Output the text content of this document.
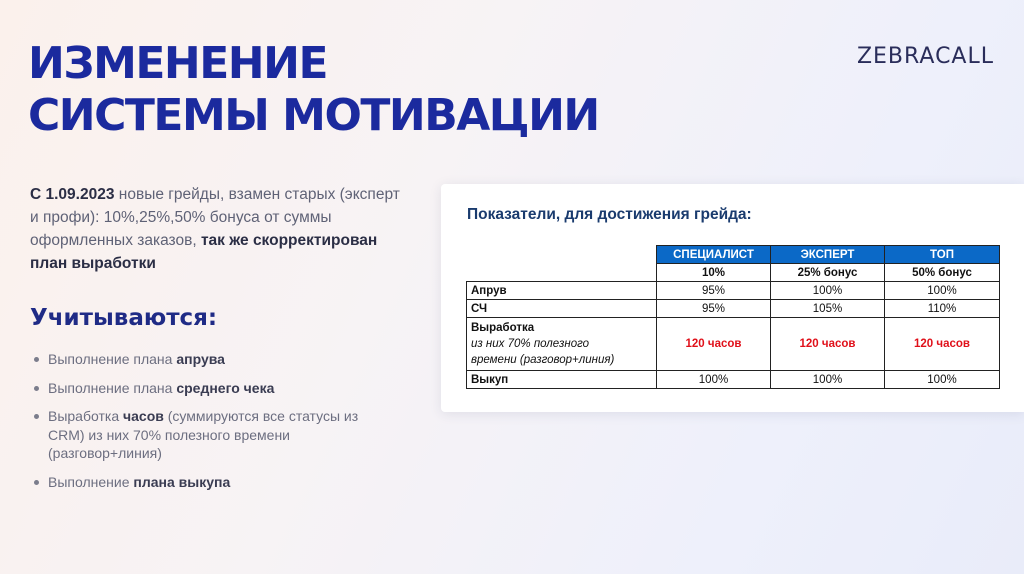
ИЗМЕНЕНИЕ
СИСТЕМЫ МОТИВАЦИИ
ZEBRACALL

С 1.09.2023 новые грейды, взамен старых (эксперт и профи): 10%,25%,50% бонуса от суммы оформленных заказов, так же скорректирован план выработки

Учитываются:
Выполнение плана апрува
Выполнение плана среднего чека
Выработка часов (суммируются все статусы из CRM) из них 70% полезного времени (разговор+линия)
Выполнение плана выкупа
Показатели, для достижения грейда:
	СПЕЦИАЛИСТ	ЭКСПЕРТ	ТОП
	10%	25% бонус	50% бонус
Апрув	95%	100%	100%
СЧ	95%	105%	110%

Выработка
из них 70% полезного
времени (разговор+линия)	120 часов	120 часов	120 часов
Выкуп	100%	100%	100%
